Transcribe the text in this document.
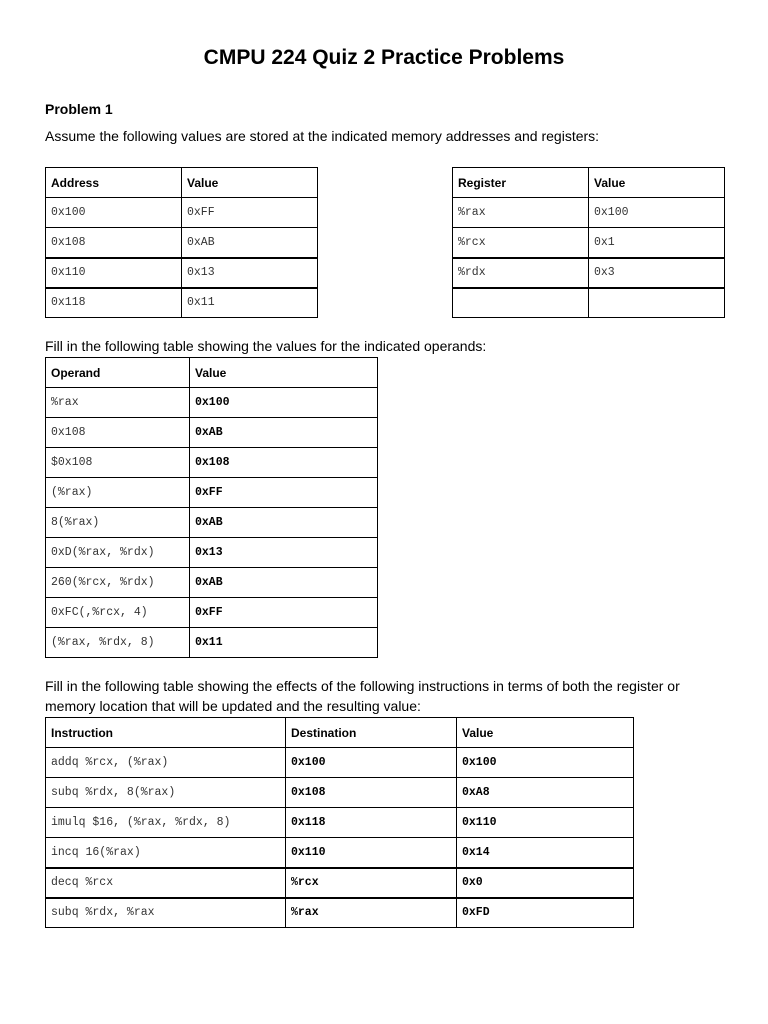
CMPU 224 Quiz 2 Practice Problems
Problem 1

Assume the following values are stored at the indicated memory addresses and registers:

Address	Value
0x100	0xFF
0x108	0xAB
0x110	0x13
0x118	0x11
Register	Value
%rax	0x100
%rcx	0x1
%rdx	0x3

Fill in the following table showing the values for the indicated operands:

Operand	Value
%rax	0x100
0x108	0xAB
$0x108	0x108
(%rax)	0xFF
8(%rax)	0xAB
0xD(%rax, %rdx)	0x13
260(%rcx, %rdx)	0xAB
0xFC(,%rcx, 4)	0xFF
(%rax, %rdx, 8)	0x11

Fill in the following table showing the effects of the following instructions in terms of both the register or

memory location that will be updated and the resulting value:

Instruction	Destination	Value
addq %rcx, (%rax)	0x100	0x100
subq %rdx, 8(%rax)	0x108	0xA8
imulq $16, (%rax, %rdx, 8)	0x118	0x110
incq 16(%rax)	0x110	0x14
decq %rcx	%rcx	0x0
subq %rdx, %rax	%rax	0xFD
